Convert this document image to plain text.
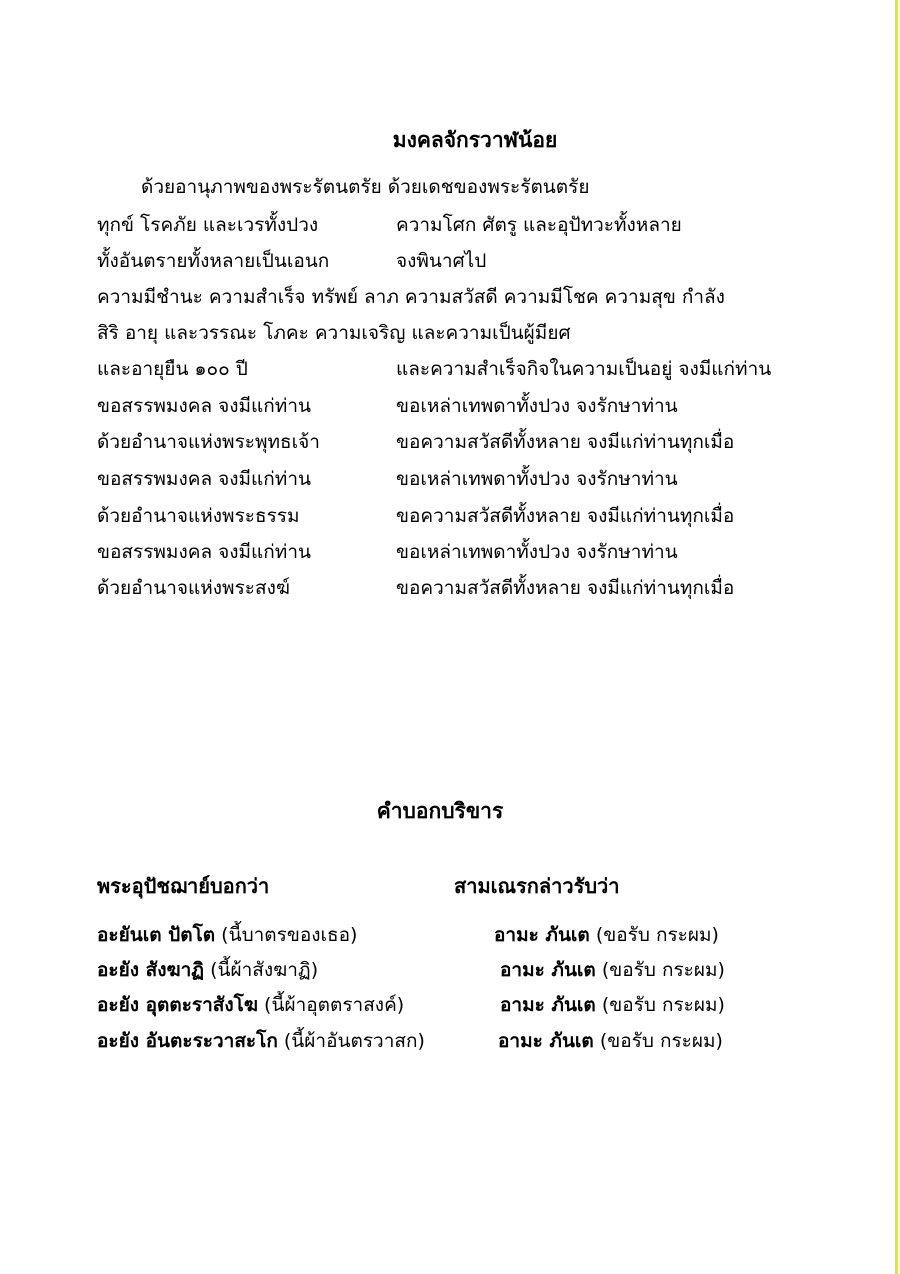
มงคลจักรวาฬน้อย
ด้วยอานุภาพของพระรัตนตรัย ด้วยเดชของพระรัตนตรัย
ทุกข์ โรคภัย และเวรทั้งปวง	ความโศก ศัตรู และอุปัทวะทั้งหลาย
ทั้งอันตรายทั้งหลายเป็นเอนก	จงพินาศไป
ความมีชำนะ ความสำเร็จ ทรัพย์ ลาภ ความสวัสดี ความมีโชค ความสุข กำลัง
สิริ อายุ และวรรณะ โภคะ ความเจริญ และความเป็นผู้มียศ
และอายุยืน ๑๐๐ ปี	และความสำเร็จกิจในความเป็นอยู่ จงมีแก่ท่าน
ขอสรรพมงคล จงมีแก่ท่าน	ขอเหล่าเทพดาทั้งปวง จงรักษาท่าน
ด้วยอำนาจแห่งพระพุทธเจ้า	ขอความสวัสดีทั้งหลาย จงมีแก่ท่านทุกเมื่อ
ขอสรรพมงคล จงมีแก่ท่าน	ขอเหล่าเทพดาทั้งปวง จงรักษาท่าน
ด้วยอำนาจแห่งพระธรรม	ขอความสวัสดีทั้งหลาย จงมีแก่ท่านทุกเมื่อ
ขอสรรพมงคล จงมีแก่ท่าน	ขอเหล่าเทพดาทั้งปวง จงรักษาท่าน
ด้วยอำนาจแห่งพระสงฆ์	ขอความสวัสดีทั้งหลาย จงมีแก่ท่านทุกเมื่อ
คำบอกบริขาร
พระอุปัชฌาย์บอกว่า	สามเณรกล่าวรับว่า
อะยันเต ปัตโต (นี้บาตรของเธอ)	อามะ ภันเต (ขอรับ กระผม)
อะยัง สังฆาฏิ (นี้ผ้าสังฆาฏิ)	อามะ ภันเต (ขอรับ กระผม)
อะยัง อุตตะราสังโฆ (นี้ผ้าอุตตราสงค์)	อามะ ภันเต (ขอรับ กระผม)
อะยัง อันตะระวาสะโก (นี้ผ้าอันตรวาสก)	อามะ ภันเต (ขอรับ กระผม)
